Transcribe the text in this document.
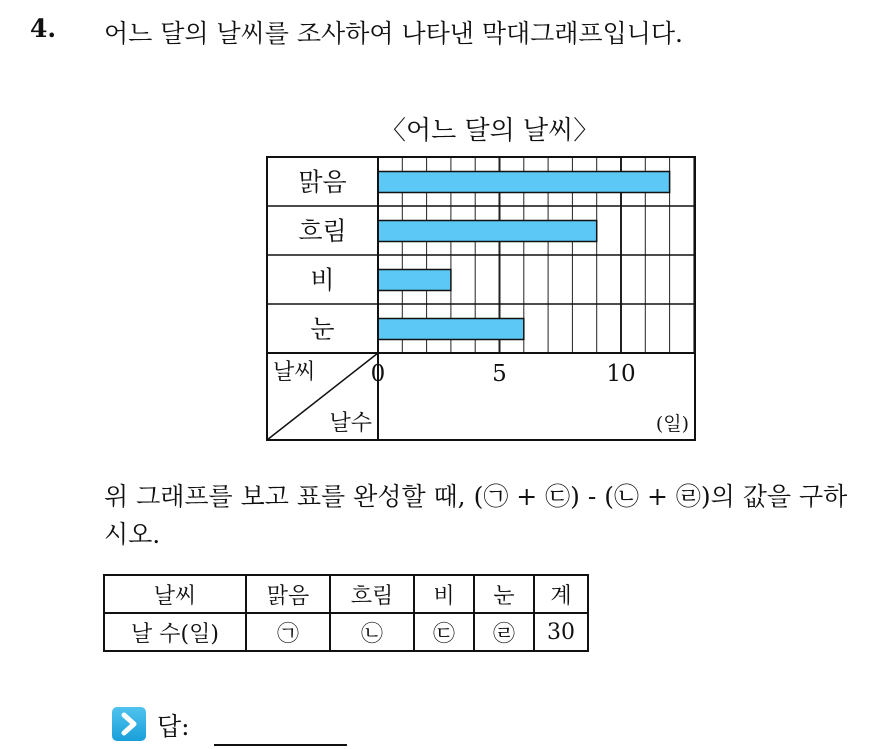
4. 어느 달의 날씨를 조사하여 나타낸 막대그래프입니다.
〈어느 달의 날씨〉
맑음
흐림
비
눈
날씨
날수
0	5	10
(일)
위 그래프를 보고 표를 완성할 때, (㉠ + ㉢) - (㉡ + ㉣)의 값을 구하
시오.
날씨	맑음	흐림	비	눈	계
날 수(일)	㉠	㉡	㉢	㉣	30
답:
